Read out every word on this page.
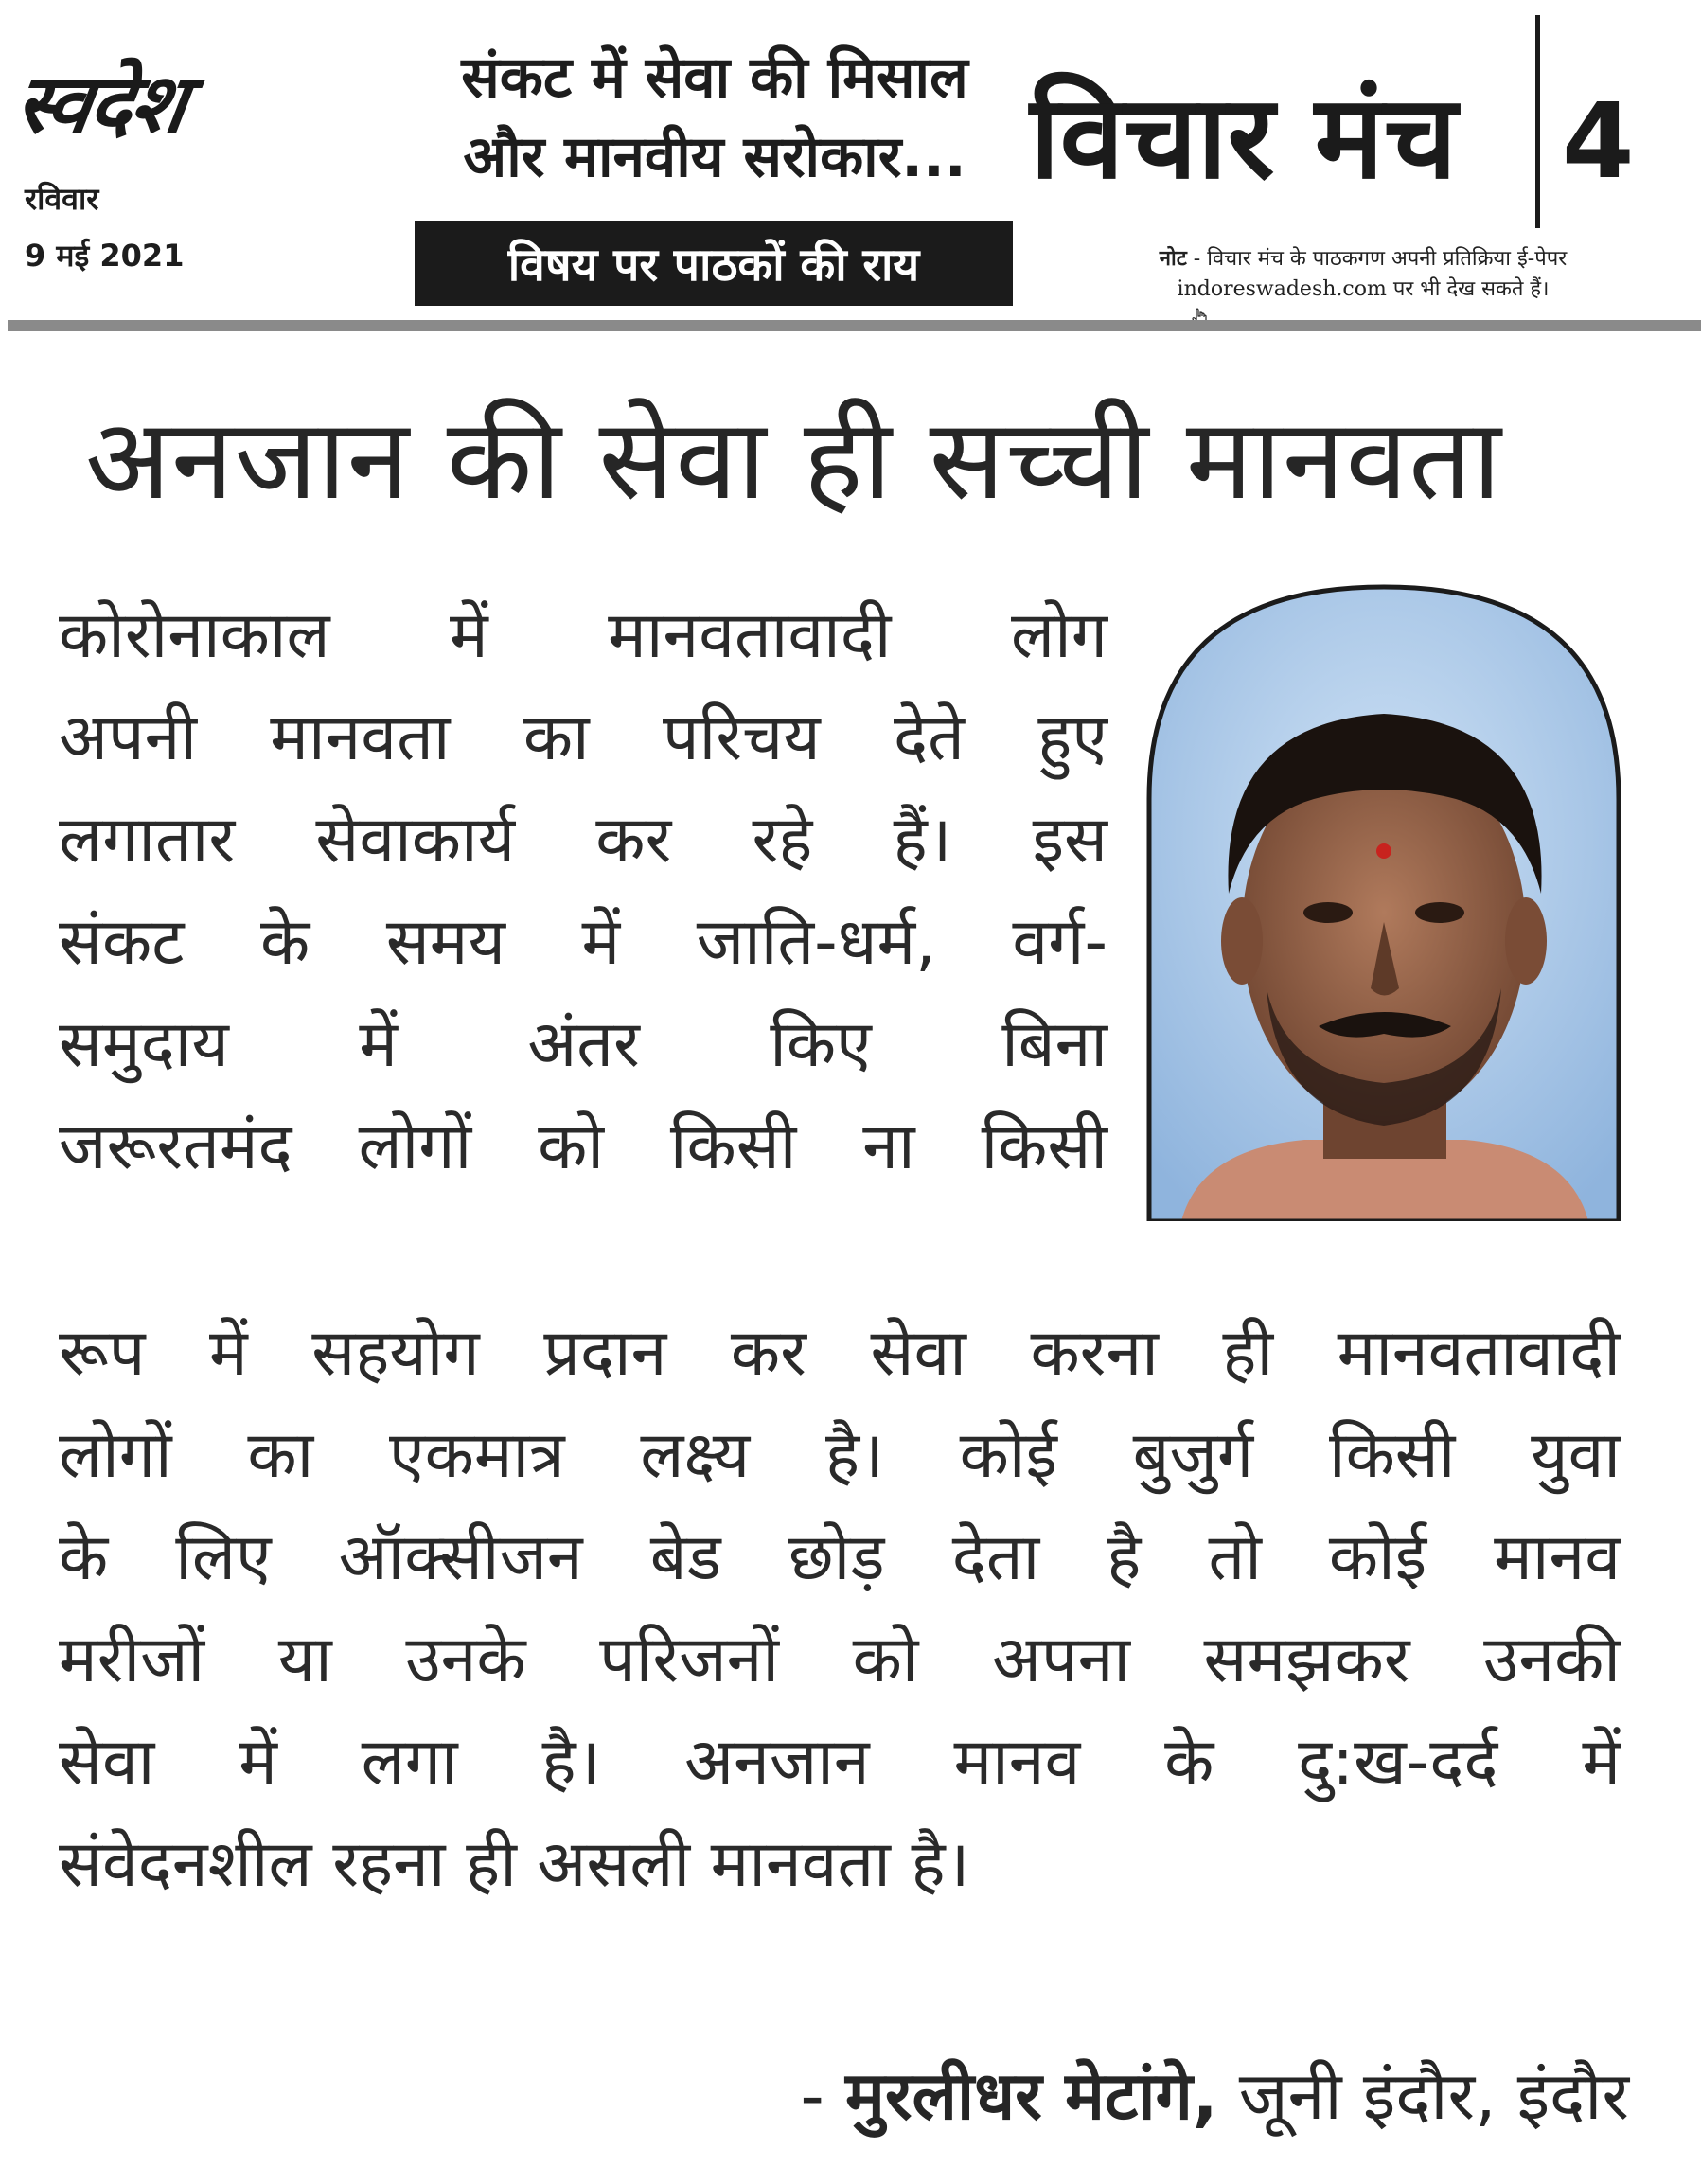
स्वदेश
रविवार
9 मई 2021
संकट में सेवा की मिसाल
और मानवीय सरोकार...
विषय पर पाठकों की राय
विचार मंच 4
नोट - विचार मंच के पाठकगण अपनी प्रतिक्रिया ई-पेपर
indoreswadesh.com पर भी देख सकते हैं।
अनजान की सेवा ही सच्ची मानवता
कोरोनाकाल में मानवतावादी लोग
अपनी मानवता का परिचय देते हुए
लगातार सेवाकार्य कर रहे हैं। इस
संकट के समय में जाति-धर्म, वर्ग-
समुदाय में अंतर किए बिना
जरूरतमंद लोगों को किसी ना किसी
रूप में सहयोग प्रदान कर सेवा करना ही मानवतावादी
लोगों का एकमात्र लक्ष्य है। कोई बुजुर्ग किसी युवा
के लिए ऑक्सीजन बेड छोड़ देता है तो कोई मानव
मरीजों या उनके परिजनों को अपना समझकर उनकी
सेवा में लगा है। अनजान मानव के दु:ख-दर्द में
संवेदनशील रहना ही असली मानवता है।
- मुरलीधर मेटांगे, जूनी इंदौर, इंदौर
